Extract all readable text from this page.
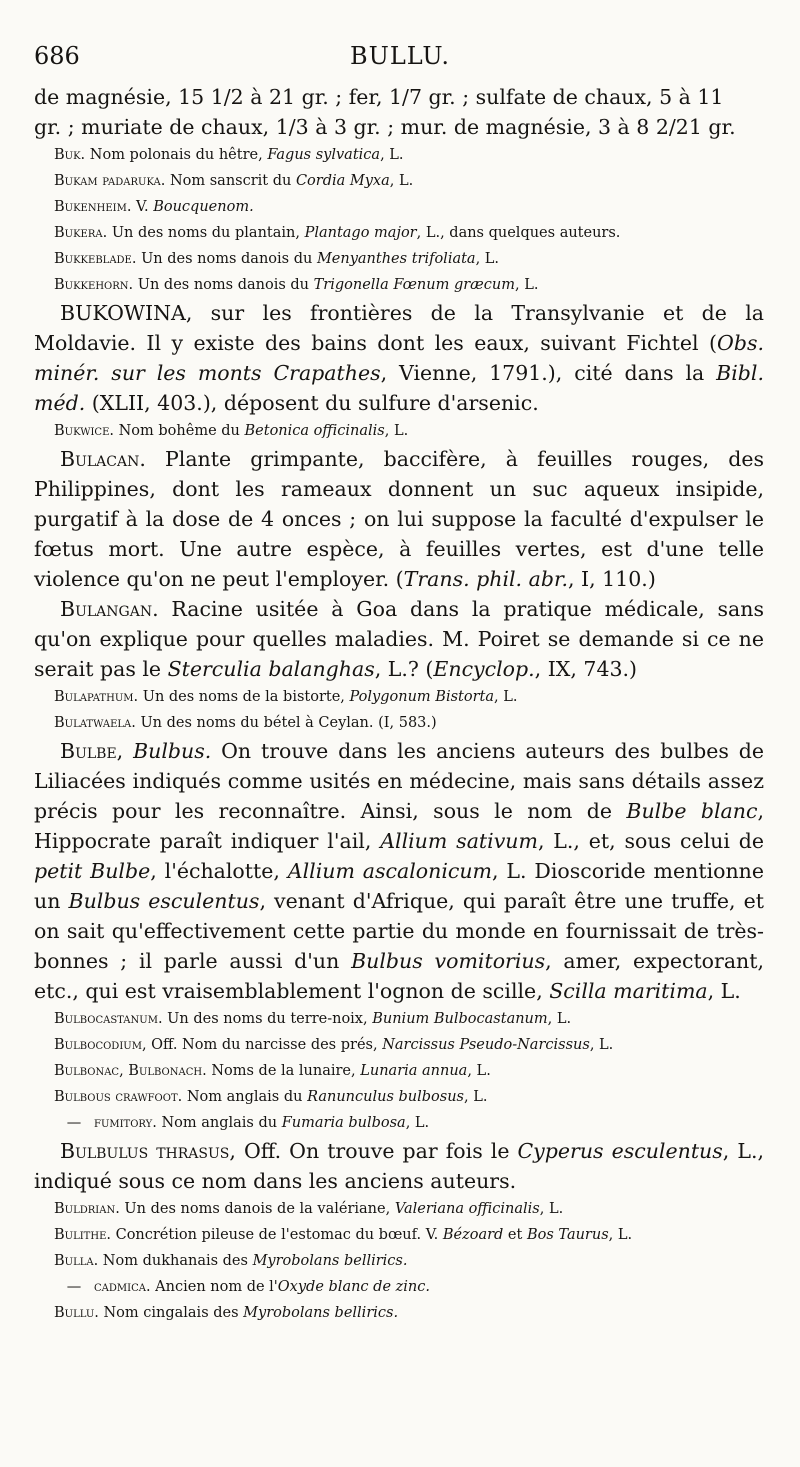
686	BULLU.

de magnésie, 15 1/2 à 21 gr. ; fer, 1/7 gr. ; sulfate de chaux, 5 à 11
gr. ; muriate de chaux, 1/3 à 3 gr. ; mur. de magnésie, 3 à 8 2/21 gr.

Buk. Nom polonais du hêtre, Fagus sylvatica, L.

Bukam padaruka. Nom sanscrit du Cordia Myxa, L.

Bukenheim. V. Boucquenom.

Bukera. Un des noms du plantain, Plantago major, L., dans quelques auteurs.

Bukkeblade. Un des noms danois du Menyanthes trifoliata, L.

Bukkehorn. Un des noms danois du Trigonella Fœnum græcum, L.

BUKOWINA, sur les frontières de la Transylvanie et de la Moldavie. Il y existe des bains dont les eaux, suivant Fichtel (Obs. minér. sur les monts Crapathes, Vienne, 1791.), cité dans la Bibl. méd. (XLII, 403.), déposent du sulfure d'arsenic.

Bukwice. Nom bohême du Betonica officinalis, L.

Bulacan. Plante grimpante, baccifère, à feuilles rouges, des Philippines, dont les rameaux donnent un suc aqueux insipide, purgatif à la dose de 4 onces ; on lui suppose la faculté d'expulser le fœtus mort. Une autre espèce, à feuilles vertes, est d'une telle violence qu'on ne peut l'employer. (Trans. phil. abr., I, 110.)

Bulangan. Racine usitée à Goa dans la pratique médicale, sans qu'on explique pour quelles maladies. M. Poiret se demande si ce ne serait pas le Sterculia balanghas, L.? (Encyclop., IX, 743.)

Bulapathum. Un des noms de la bistorte, Polygonum Bistorta, L.

Bulatwaela. Un des noms du bétel à Ceylan. (I, 583.)

Bulbe, Bulbus. On trouve dans les anciens auteurs des bulbes de Liliacées indiqués comme usités en médecine, mais sans détails assez précis pour les reconnaître. Ainsi, sous le nom de Bulbe blanc, Hippocrate paraît indiquer l'ail, Allium sativum, L., et, sous celui de petit Bulbe, l'échalotte, Allium ascalonicum, L. Dioscoride mentionne un Bulbus esculentus, venant d'Afrique, qui paraît être une truffe, et on sait qu'effectivement cette partie du monde en fournissait de très-bonnes ; il parle aussi d'un Bulbus vomitorius, amer, expectorant, etc., qui est vraisemblablement l'ognon de scille, Scilla maritima, L.

Bulbocastanum. Un des noms du terre-noix, Bunium Bulbocastanum, L.

Bulbocodium, Off. Nom du narcisse des prés, Narcissus Pseudo-Narcissus, L.

Bulbonac, Bulbonach. Noms de la lunaire, Lunaria annua, L.

Bulbous crawfoot. Nom anglais du Ranunculus bulbosus, L.

— fumitory. Nom anglais du Fumaria bulbosa, L.

Bulbulus thrasus, Off. On trouve par fois le Cyperus esculentus, L., indiqué sous ce nom dans les anciens auteurs.

Buldrian. Un des noms danois de la valériane, Valeriana officinalis, L.

Bulithe. Concrétion pileuse de l'estomac du bœuf. V. Bézoard et Bos Taurus, L.

Bulla. Nom dukhanais des Myrobolans bellirics.

— cadmica. Ancien nom de l'Oxyde blanc de zinc.

Bullu. Nom cingalais des Myrobolans bellirics.
